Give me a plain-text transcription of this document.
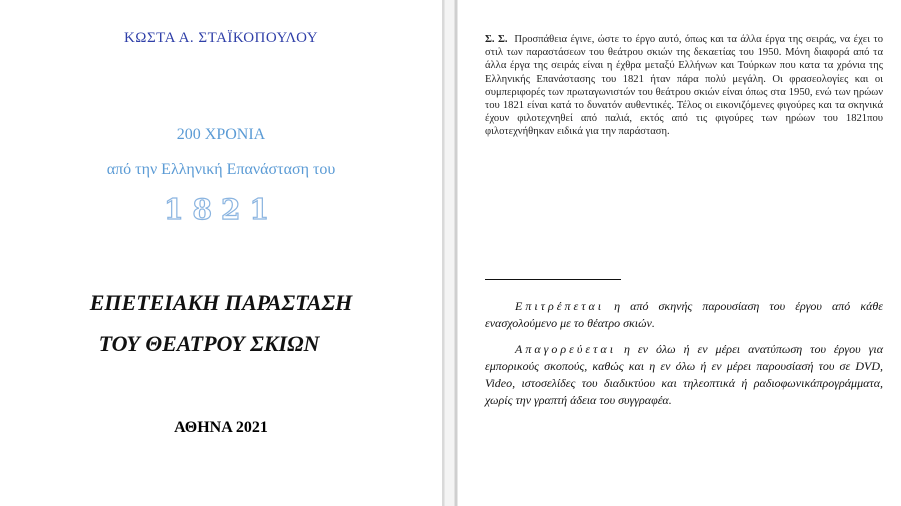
ΚΩΣΤΑ Α. ΣΤΑΪΚΟΠΟΥΛΟΥ
200 ΧΡΟΝΙΑ
από την Ελληνική Επανάσταση του
1821
ΕΠΕΤΕΙΑΚΗ ΠΑΡΑΣΤΑΣΗ
ΤΟΥ ΘΕΑΤΡΟΥ ΣΚΙΩΝ
ΑΘΗΝΑ 2021
Σ. Σ. Προσπάθεια έγινε, ώστε το έργο αυτό, όπως και τα άλλα έργα της σειράς, να έχει το στιλ των παραστάσεων του θεάτρου σκιών της δεκαετίας του 1950. Μόνη διαφορά από τα άλλα έργα της σειράς είναι η έχθρα μεταξύ Ελλήνων και Τούρκων που κατα τα χρόνια της Ελληνικής Επανάστασης του 1821 ήταν πάρα πολύ μεγάλη. Οι φρασεολογίες και οι συμπεριφορές των πρωταγωνιστών του θεάτρου σκιών είναι όπως στα 1950, ενώ των ηρώων του 1821 είναι κατά το δυνατόν αυθεντικές. Τέλος οι εικονιζόμενες φιγούρες και τα σκηνικά έχουν φιλοτεχνηθεί από παλιά, εκτός από τις φιγούρες των ηρώων του 1821που φιλοτεχνήθηκαν ειδικά για την παράσταση.
Επιτρέπεται η από σκηνής παρουσίαση του έργου από κάθε ενασχολούμενο με το θέατρο σκιών.
Απαγορεύεται η εν όλω ή εν μέρει ανατύπωση του έργου για εμπορικούς σκοπούς, καθώς και η εν όλω ή εν μέρει παρουσίασή του σε DVD, Video, ιστοσελίδες του διαδικτύου και τηλεοπτικά ή ραδιοφωνικάπρογράμματα, χωρίς την γραπτή άδεια του συγγραφέα.
